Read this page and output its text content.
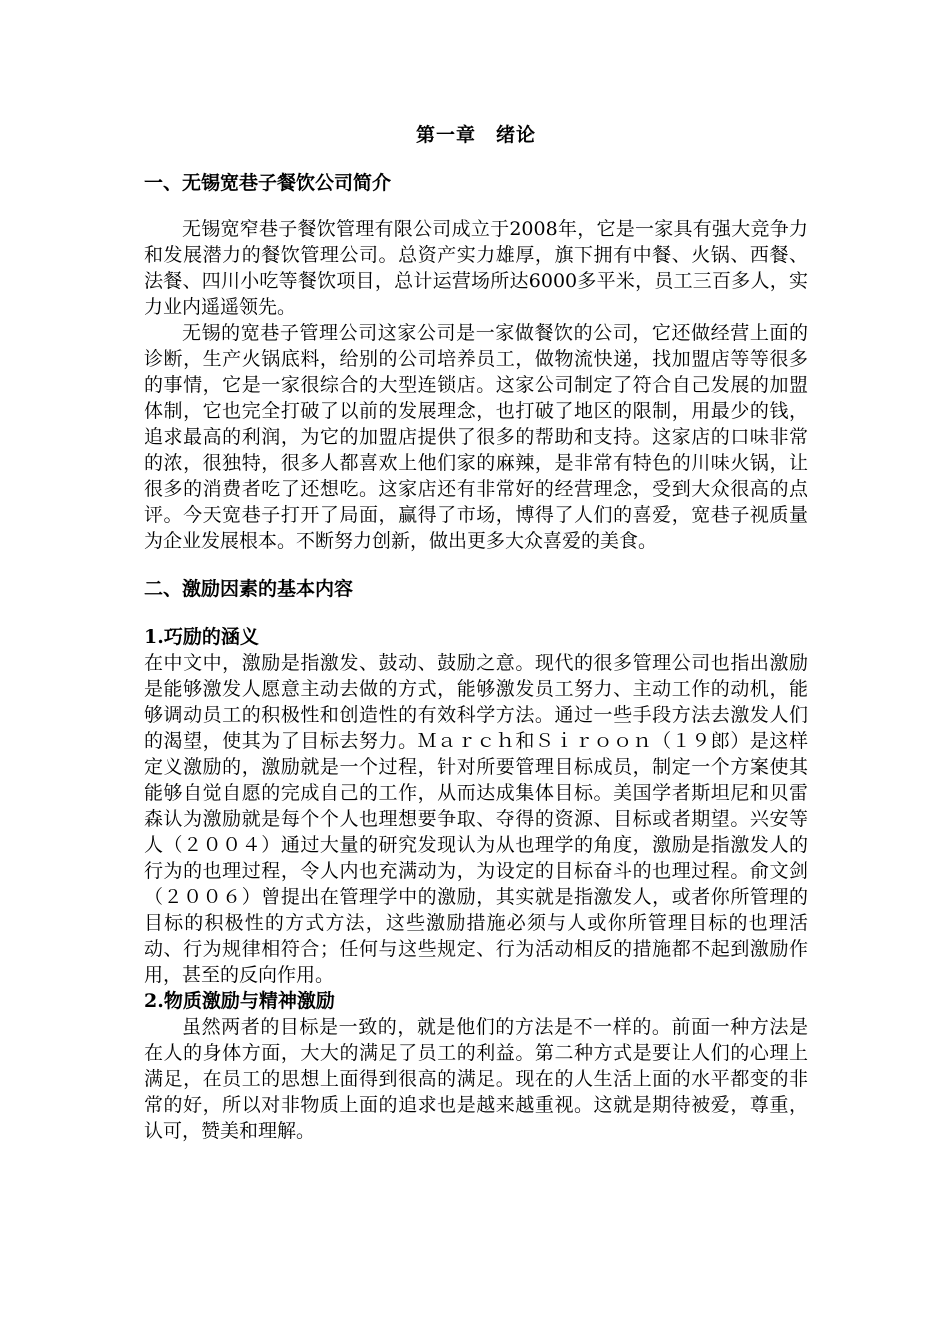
第一章　绪论
一、无锡宽巷子餐饮公司简介

无锡宽窄巷子餐饮管理有限公司成立于2008年，它是一家具有强大竞争力和发展潜力的餐饮管理公司。总资产实力雄厚，旗下拥有中餐、火锅、西餐、法餐、四川小吃等餐饮项目，总计运营场所达6000多平米，员工三百多人，实力业内遥遥领先。

无锡的宽巷子管理公司这家公司是一家做餐饮的公司，它还做经营上面的诊断，生产火锅底料，给别的公司培养员工，做物流快递，找加盟店等等很多的事情，它是一家很综合的大型连锁店。这家公司制定了符合自己发展的加盟体制，它也完全打破了以前的发展理念，也打破了地区的限制，用最少的钱，追求最高的利润，为它的加盟店提供了很多的帮助和支持。这家店的口味非常的浓，很独特，很多人都喜欢上他们家的麻辣，是非常有特色的川味火锅，让很多的消费者吃了还想吃。这家店还有非常好的经营理念，受到大众很高的点评。今天宽巷子打开了局面，赢得了市场，博得了人们的喜爱，宽巷子视质量为企业发展根本。不断努力创新，做出更多大众喜爱的美食。

二、激励因素的基本内容
1.巧励的涵义

在中文中，激励是指激发、鼓动、鼓励之意。现代的很多管理公司也指出激励是能够激发人愿意主动去做的方式，能够激发员工努力、主动工作的动机，能够调动员工的积极性和创造性的有效科学方法。通过一些手段方法去激发人们的渴望，使其为了目标去努力。Ｍａｒｃｈ和Ｓｉｒｏｏｎ（１９郎）是这样定义激励的，激励就是一个过程，针对所要管理目标成员，制定一个方案使其能够自觉自愿的完成自己的工作，从而达成集体目标。美国学者斯坦尼和贝雷森认为激励就是每个个人也理想要争取、夺得的资源、目标或者期望。兴安等人（２００４）通过大量的研究发现认为从也理学的角度，激励是指激发人的行为的也理过程，令人内也充满动为，为设定的目标奋斗的也理过程。俞文剑（２００６）曾提出在管理学中的激励，其实就是指激发人，或者你所管理的目标的积极性的方式方法，这些激励措施必须与人或你所管理目标的也理活动、行为规律相符合；任何与这些规定、行为活动相反的措施都不起到激励作用，甚至的反向作用。

2.物质激励与精神激励

虽然两者的目标是一致的，就是他们的方法是不一样的。前面一种方法是在人的身体方面，大大的满足了员工的利益。第二种方式是要让人们的心理上满足，在员工的思想上面得到很高的满足。现在的人生活上面的水平都变的非常的好，所以对非物质上面的追求也是越来越重视。这就是期待被爱，尊重，认可，赞美和理解。
